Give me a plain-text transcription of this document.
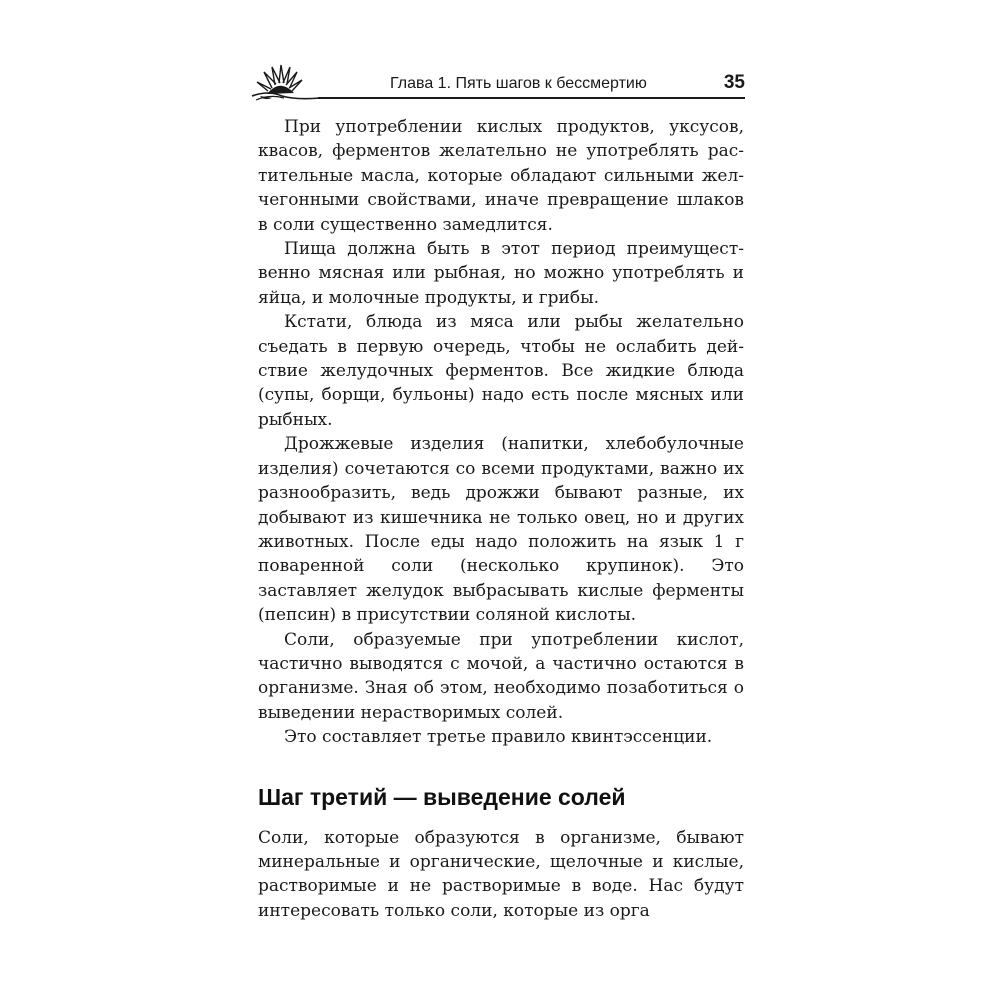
Глава 1. Пять шагов к бессмертию	35

При употреблении кислых продуктов, уксусов, квасов, ферментов желательно не употреблять растительные масла, которые обладают сильными желчегонными свойствами, иначе превращение шлаков в соли существенно замедлится.

Пища должна быть в этот период преимущественно мясная или рыбная, но можно употреблять и яйца, и молочные продукты, и грибы.

Кстати, блюда из мяса или рыбы желательно съедать в первую очередь, чтобы не ослабить действие желудочных ферментов. Все жидкие блюда (супы, борщи, бульоны) надо есть после мясных или рыбных.

Дрожжевые изделия (напитки, хлебобулочные изделия) сочетаются со всеми продуктами, важно их разнообразить, ведь дрожжи бывают разные, их добывают из кишечника не только овец, но и других животных. После еды надо положить на язык 1 г поваренной соли (несколько крупинок). Это заставляет желудок выбрасывать кислые ферменты (пепсин) в присутствии соляной кислоты.

Соли, образуемые при употреблении кислот, частично выводятся с мочой, а частично остаются в организме. Зная об этом, необходимо позаботиться о выведении нерастворимых солей.

Это составляет третье правило квинтэссенции.

Шаг третий — выведение солей

Соли, которые образуются в организме, бывают минеральные и органические, щелочные и кислые, растворимые и не растворимые в воде. Нас будут интересовать только соли, которые из орга
